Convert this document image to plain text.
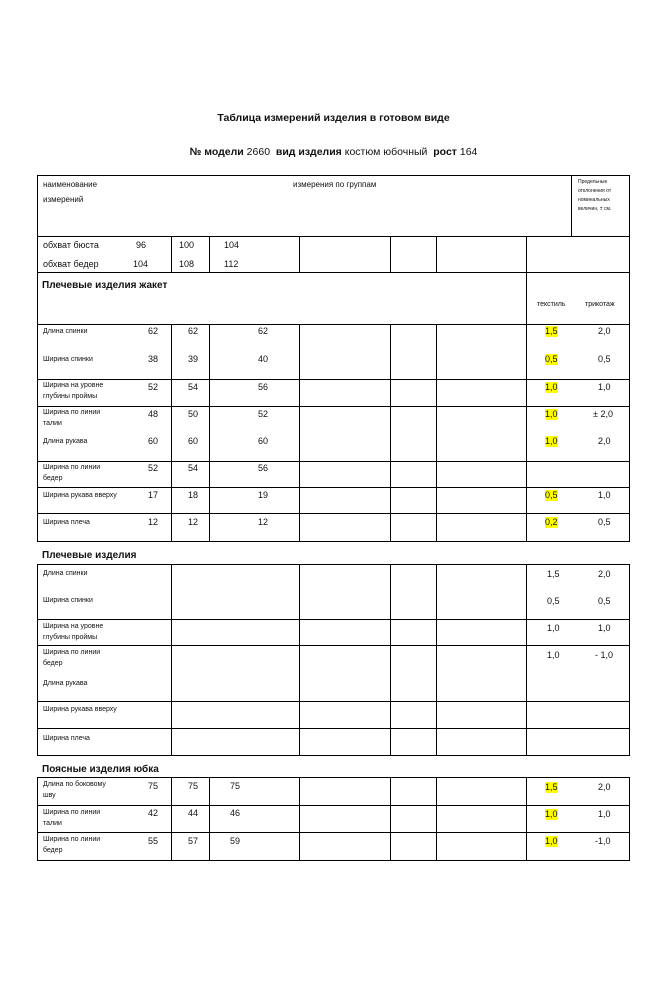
Таблица измерений изделия в готовом виде
№ модели 2660 вид изделия костюм юбочный рост 164
наименование
измерений
измерения по группам	Предельные
отклонения от
номинальных
величин, ± см.
обхват бюста	96	100	104
обхват бедер	104	108	112
Плечевые изделия жакет
текстиль	трикотаж
Длина спинки	62	62	62	1,5	2,0
Ширина спинки	38	39	40	0,5	0,5
Ширина на уровне
глубины проймы
52	54	56	1,0	1,0
Ширина по линии
талии
48	50	52	1,0	± 2,0
Длина рукава	60	60	60	1,0	2,0
Ширина по линии
бедер
52	54	56
Ширина рукава вверху	17	18	19	0,5	1,0
Ширина плеча	12	12	12	0,2	0,5
Плечевые изделия
Длина спинки	1,5	2,0
Ширина спинки	0,5	0,5
Ширина на уровне
глубины проймы
1,0	1,0
Ширина по линии
бедер
1,0	- 1,0
Длина рукава
Ширина рукава вверху
Ширина плеча
Поясные изделия юбка
Длина по боковому
шву
75	75	75	1,5	2,0
Ширина по линии
талии
42	44	46	1,0	1,0
Ширина по линии
бедер
55	57	59	1,0	-1,0
